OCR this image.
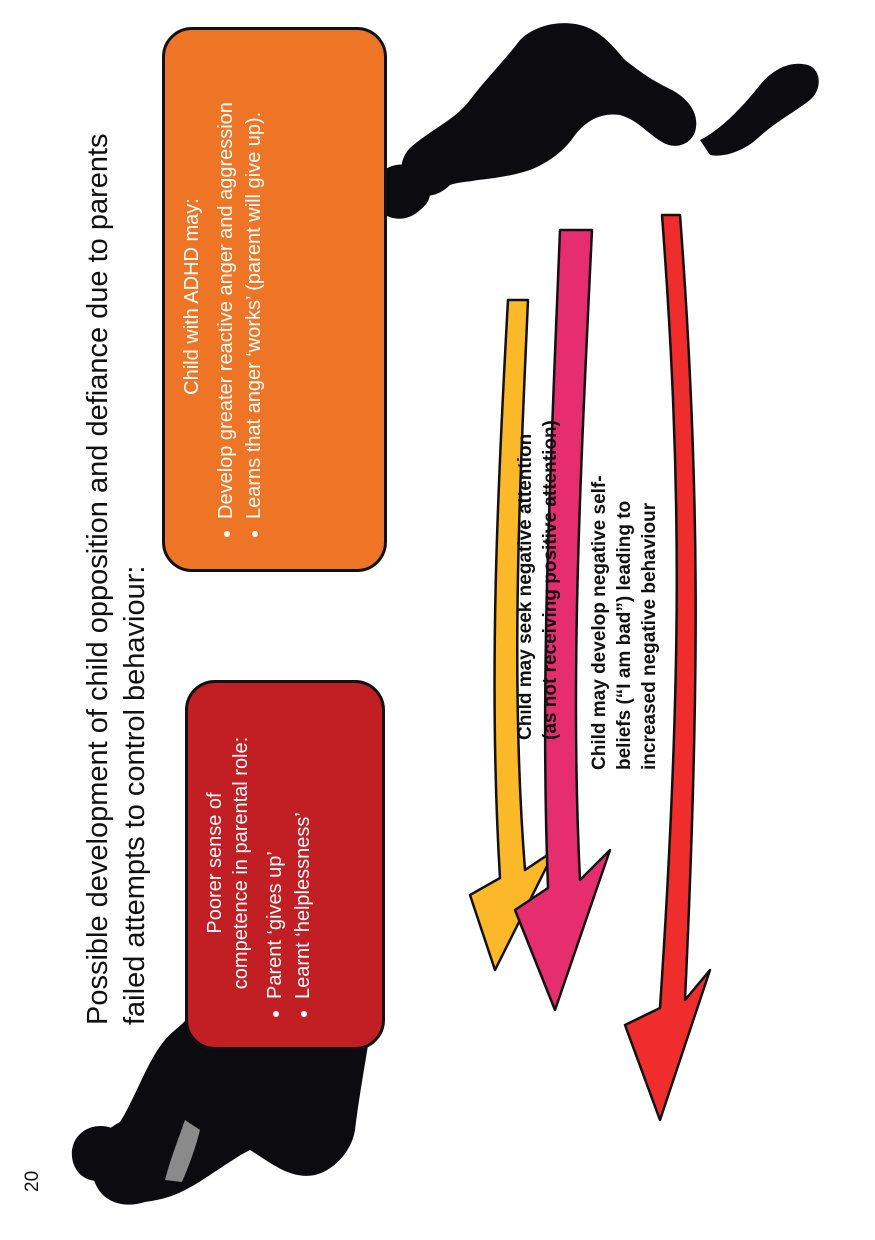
20
Possible development of child opposition and defiance due to parents failed attempts to control behaviour:	Poorer sense of competence in parental role: • Parent ‘gives up’ • Learnt ‘helplessness’
Child with ADHD may: • Develop greater reactive anger and aggression • Learns that anger ‘works’ (parent will give up).
Child may seek negative attention (as not receiving positive attention) Child may develop negative self-beliefs (“I am bad”) leading to increased negative behaviour
